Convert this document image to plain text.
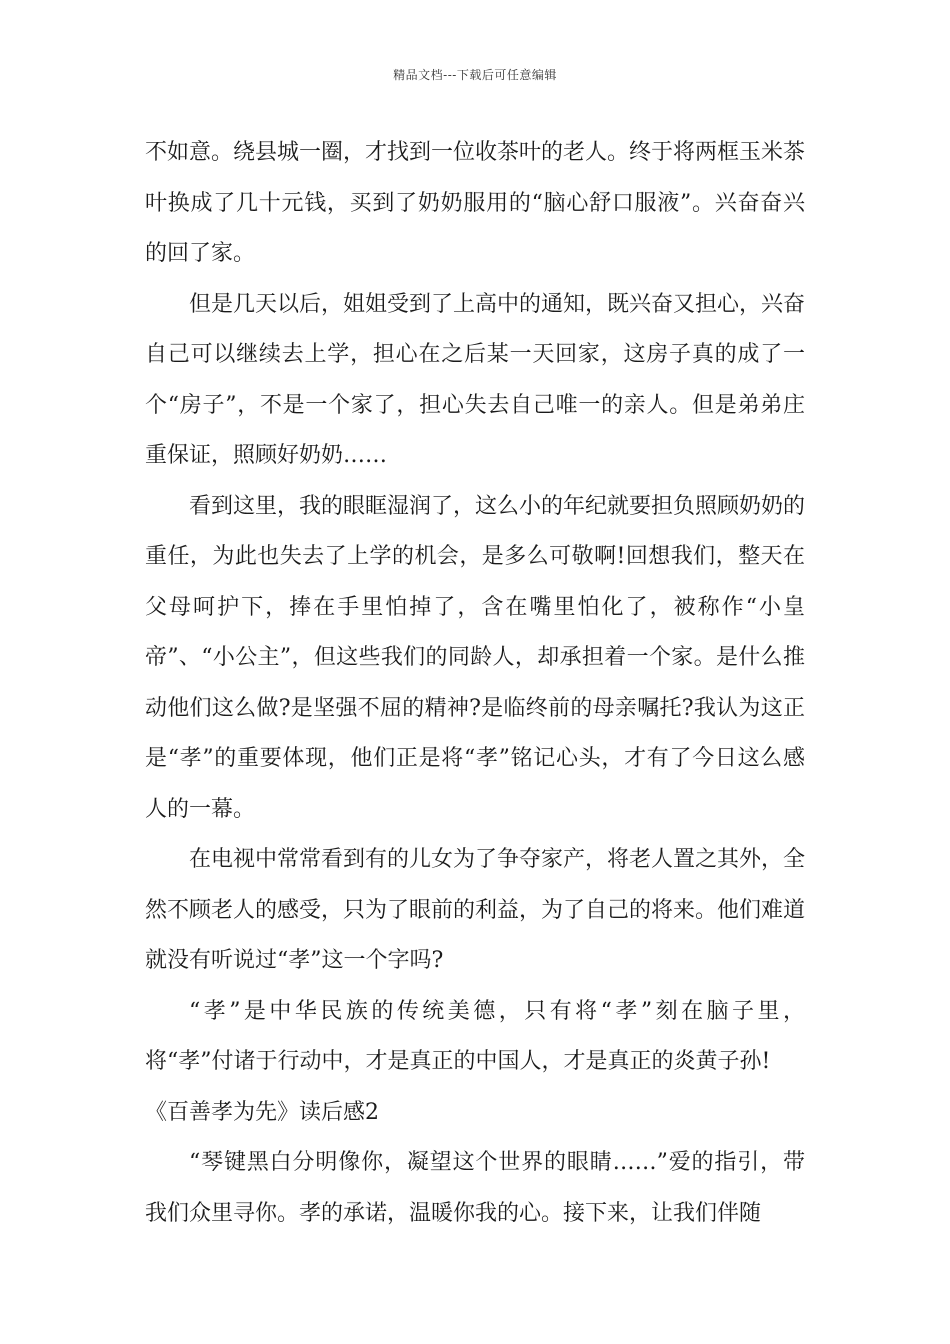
精品文档---下载后可任意编辑

不如意。绕县城一圈，才找到一位收茶叶的老人。终于将两框玉米茶叶换成了几十元钱，买到了奶奶服用的“脑心舒口服液”。兴奋奋兴的回了家。

但是几天以后，姐姐受到了上高中的通知，既兴奋又担心，兴奋自己可以继续去上学，担心在之后某一天回家，这房子真的成了一个“房子”，不是一个家了，担心失去自己唯一的亲人。但是弟弟庄重保证，照顾好奶奶……

看到这里，我的眼眶湿润了，这么小的年纪就要担负照顾奶奶的重任，为此也失去了上学的机会，是多么可敬啊!回想我们，整天在父母呵护下，捧在手里怕掉了，含在嘴里怕化了，被称作“小皇帝”、“小公主”，但这些我们的同龄人，却承担着一个家。是什么推动他们这么做?是坚强不屈的精神?是临终前的母亲嘱托?我认为这正是“孝”的重要体现，他们正是将“孝”铭记心头，才有了今日这么感人的一幕。

在电视中常常看到有的儿女为了争夺家产，将老人置之其外，全然不顾老人的感受，只为了眼前的利益，为了自己的将来。他们难道就没有听说过“孝”这一个字吗?

“孝”是中华民族的传统美德，只有将“孝”刻在脑子里，将“孝”付诸于行动中，才是真正的中国人，才是真正的炎黄子孙!

《百善孝为先》读后感2

“琴键黑白分明像你，凝望这个世界的眼睛……”爱的指引，带我们众里寻你。孝的承诺，温暖你我的心。接下来，让我们伴随
